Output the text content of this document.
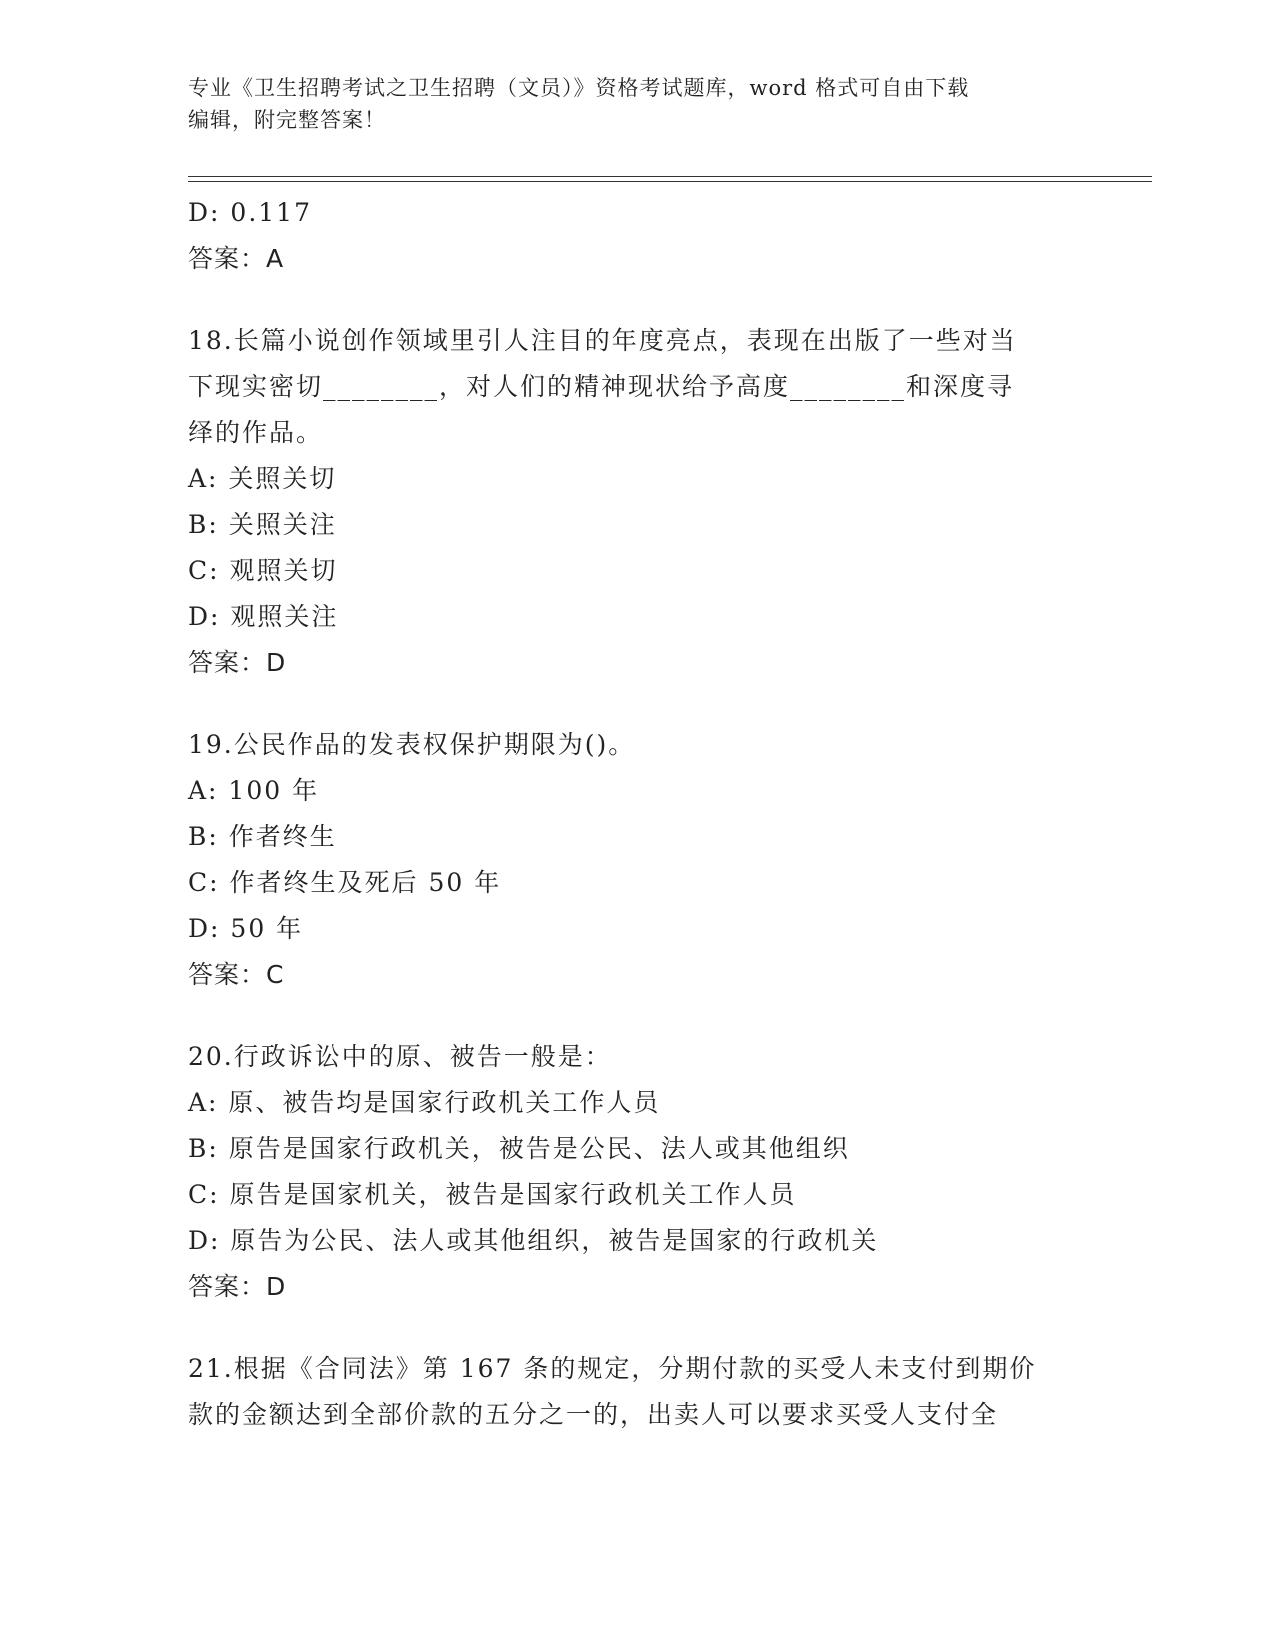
专业《卫生招聘考试之卫生招聘（文员）》资格考试题库，word 格式可自由下载
编辑，附完整答案！
D: 0.117
答案：A
18.长篇小说创作领域里引人注目的年度亮点，表现在出版了一些对当
下现实密切________，对人们的精神现状给予高度________和深度寻
绎的作品。
A: 关照关切
B: 关照关注
C: 观照关切
D: 观照关注
答案：D
19.公民作品的发表权保护期限为()。
A: 100 年
B: 作者终生
C: 作者终生及死后 50 年
D: 50 年
答案：C
20.行政诉讼中的原、被告一般是：
A: 原、被告均是国家行政机关工作人员
B: 原告是国家行政机关，被告是公民、法人或其他组织
C: 原告是国家机关，被告是国家行政机关工作人员
D: 原告为公民、法人或其他组织，被告是国家的行政机关
答案：D
21.根据《合同法》第 167 条的规定，分期付款的买受人未支付到期价
款的金额达到全部价款的五分之一的，出卖人可以要求买受人支付全
